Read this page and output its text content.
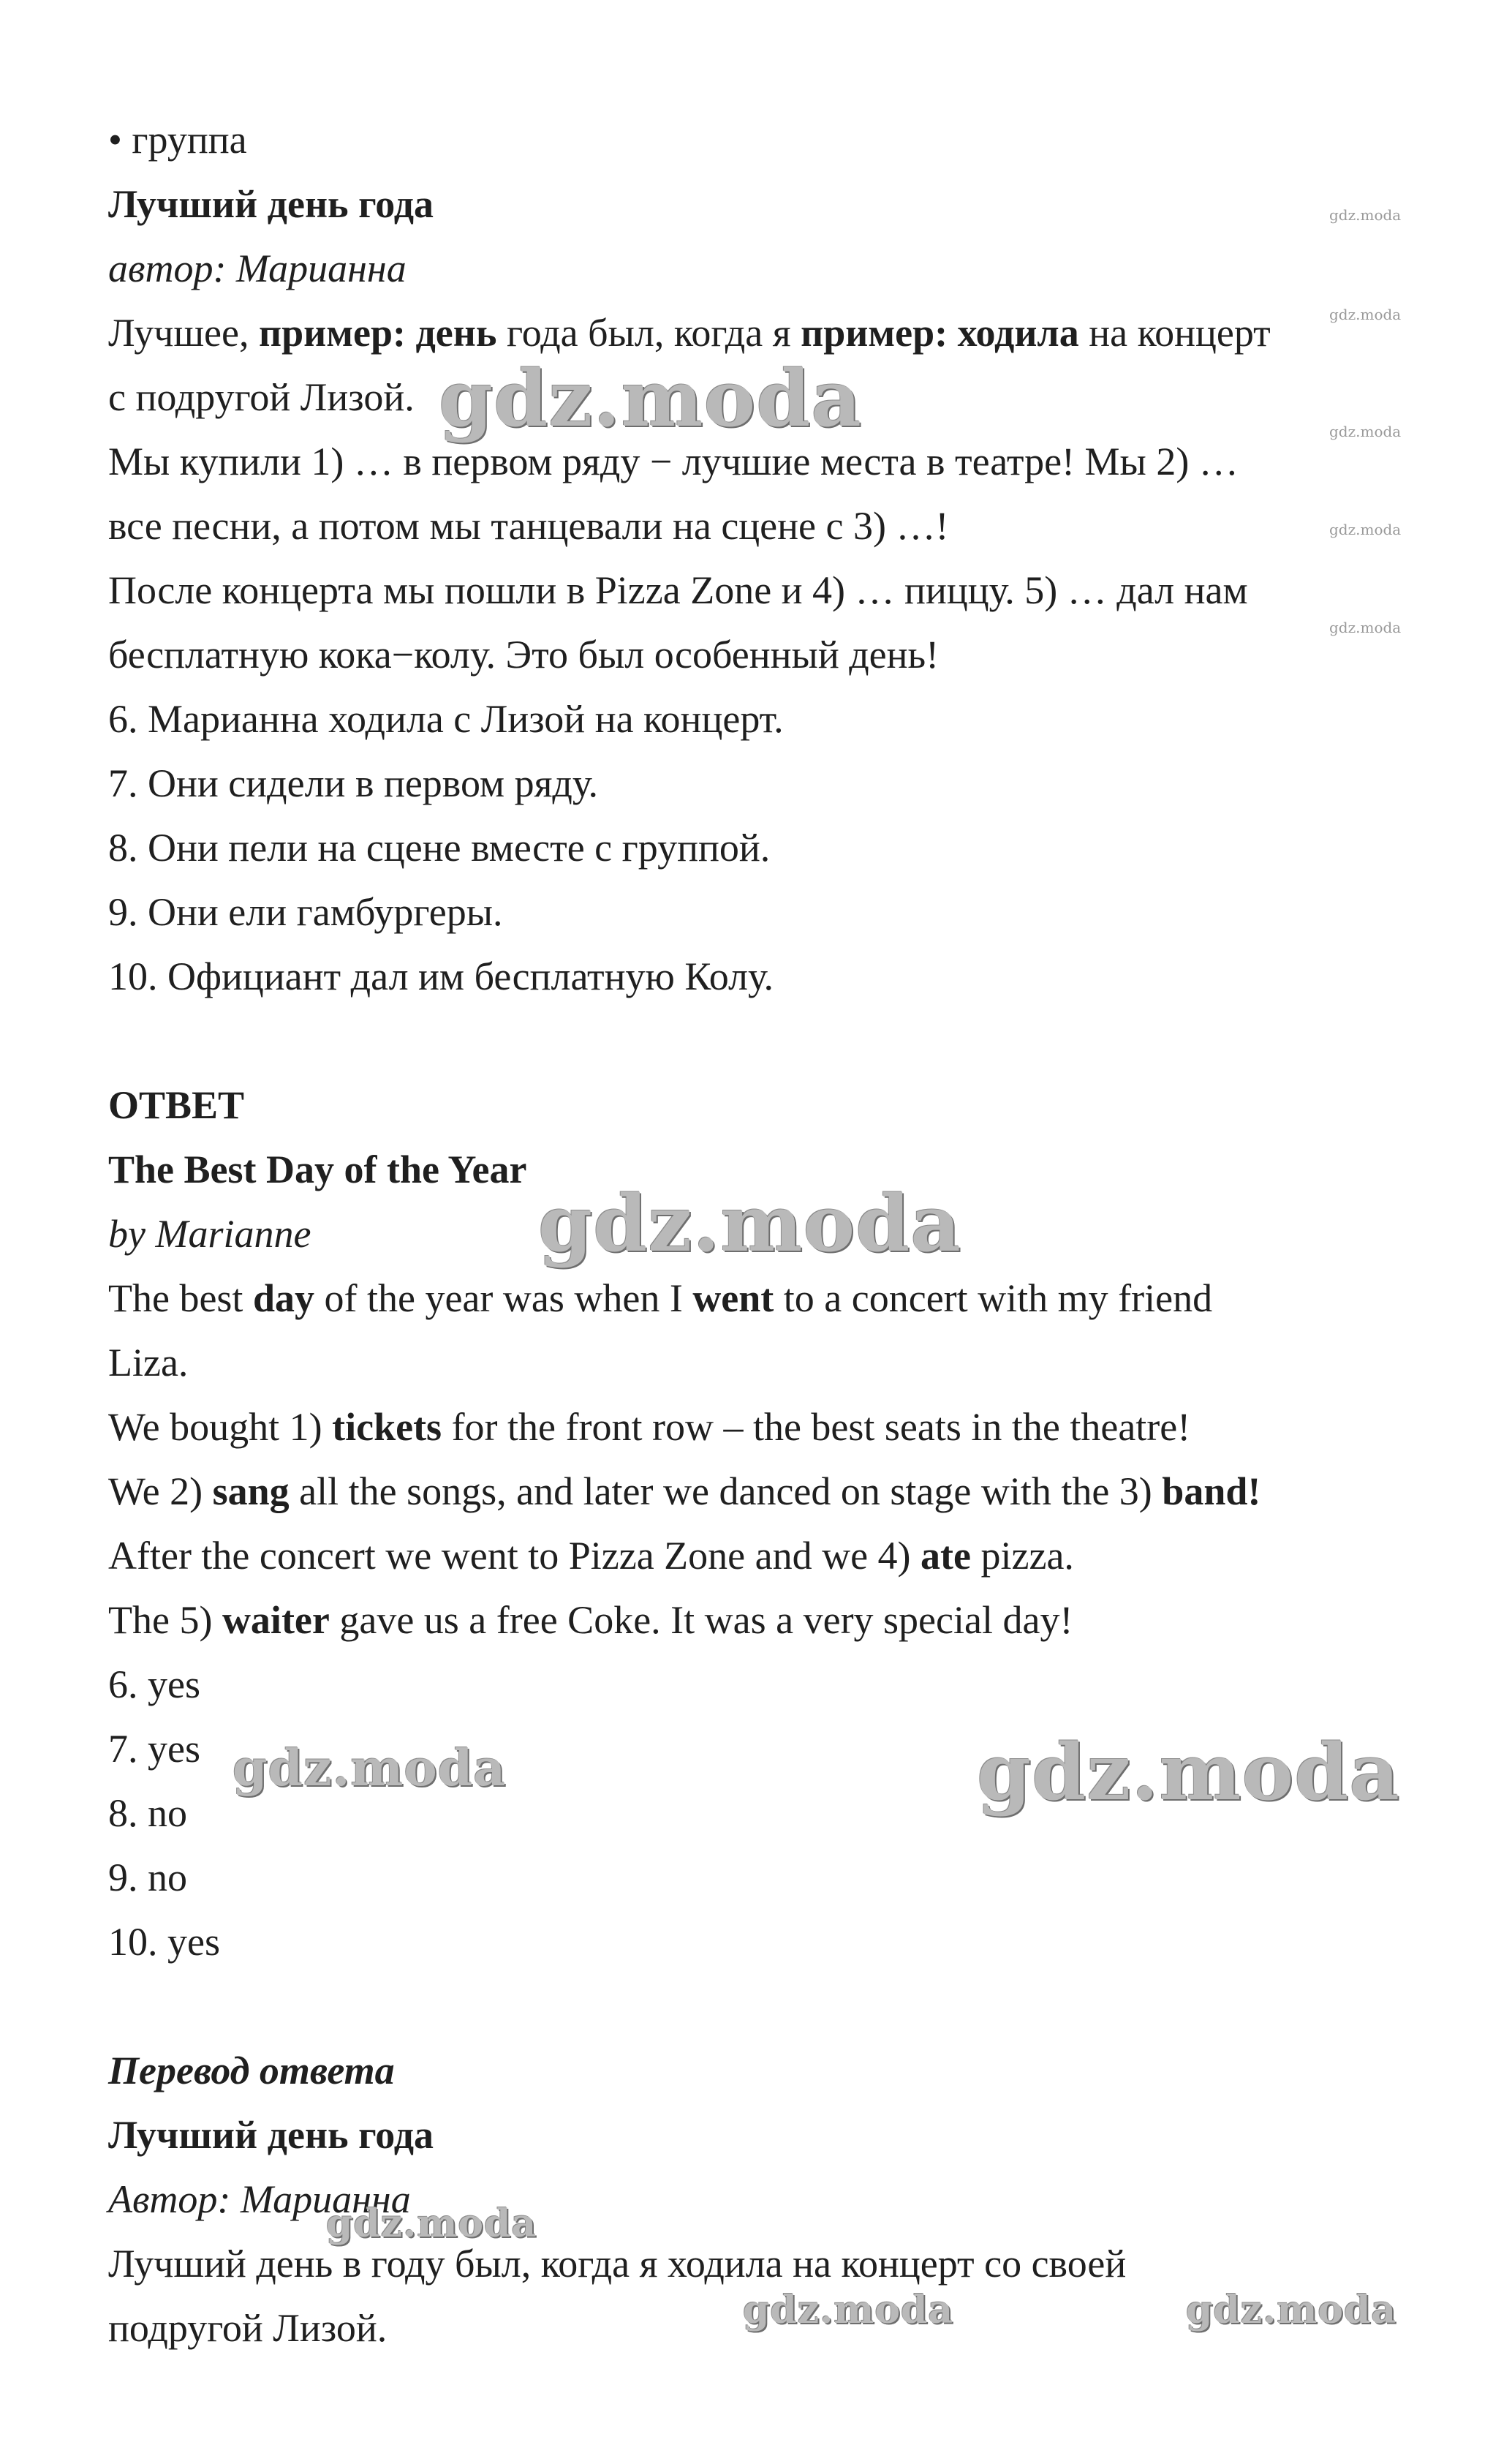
• группа
Лучший день года
автор: Марианна
Лучшее, пример: день года был, когда я пример: ходила на концерт
с подругой Лизой.
Мы купили 1) … в первом ряду − лучшие места в театре! Мы 2) …
все песни, а потом мы танцевали на сцене с 3) …!
После концерта мы пошли в Pizza Zone и 4) … пиццу. 5) … дал нам
бесплатную кока−колу. Это был особенный день!
6. Марианна ходила с Лизой на концерт.
7. Они сидели в первом ряду.
8. Они пели на сцене вместе с группой.
9. Они ели гамбургеры.
10. Официант дал им бесплатную Колу.
ОТВЕТ
The Best Day of the Year
by Marianne
The best day of the year was when I went to a concert with my friend
Liza.
We bought 1) tickets for the front row – the best seats in the theatre!
We 2) sang all the songs, and later we danced on stage with the 3) band!
After the concert we went to Pizza Zone and we 4) ate pizza.
The 5) waiter gave us a free Coke. It was a very special day!
6. yes
7. yes
8. no
9. no
10. yes
Перевод ответа
Лучший день года
Автор: Марианна
Лучший день в году был, когда я ходила на концерт со своей
подругой Лизой.
gdz.moda
gdz.moda
gdz.moda
gdz.moda
gdz.moda
gdz.moda
gdz.moda
gdz.moda	gdz.moda
gdz.moda
gdz.moda	gdz.moda
